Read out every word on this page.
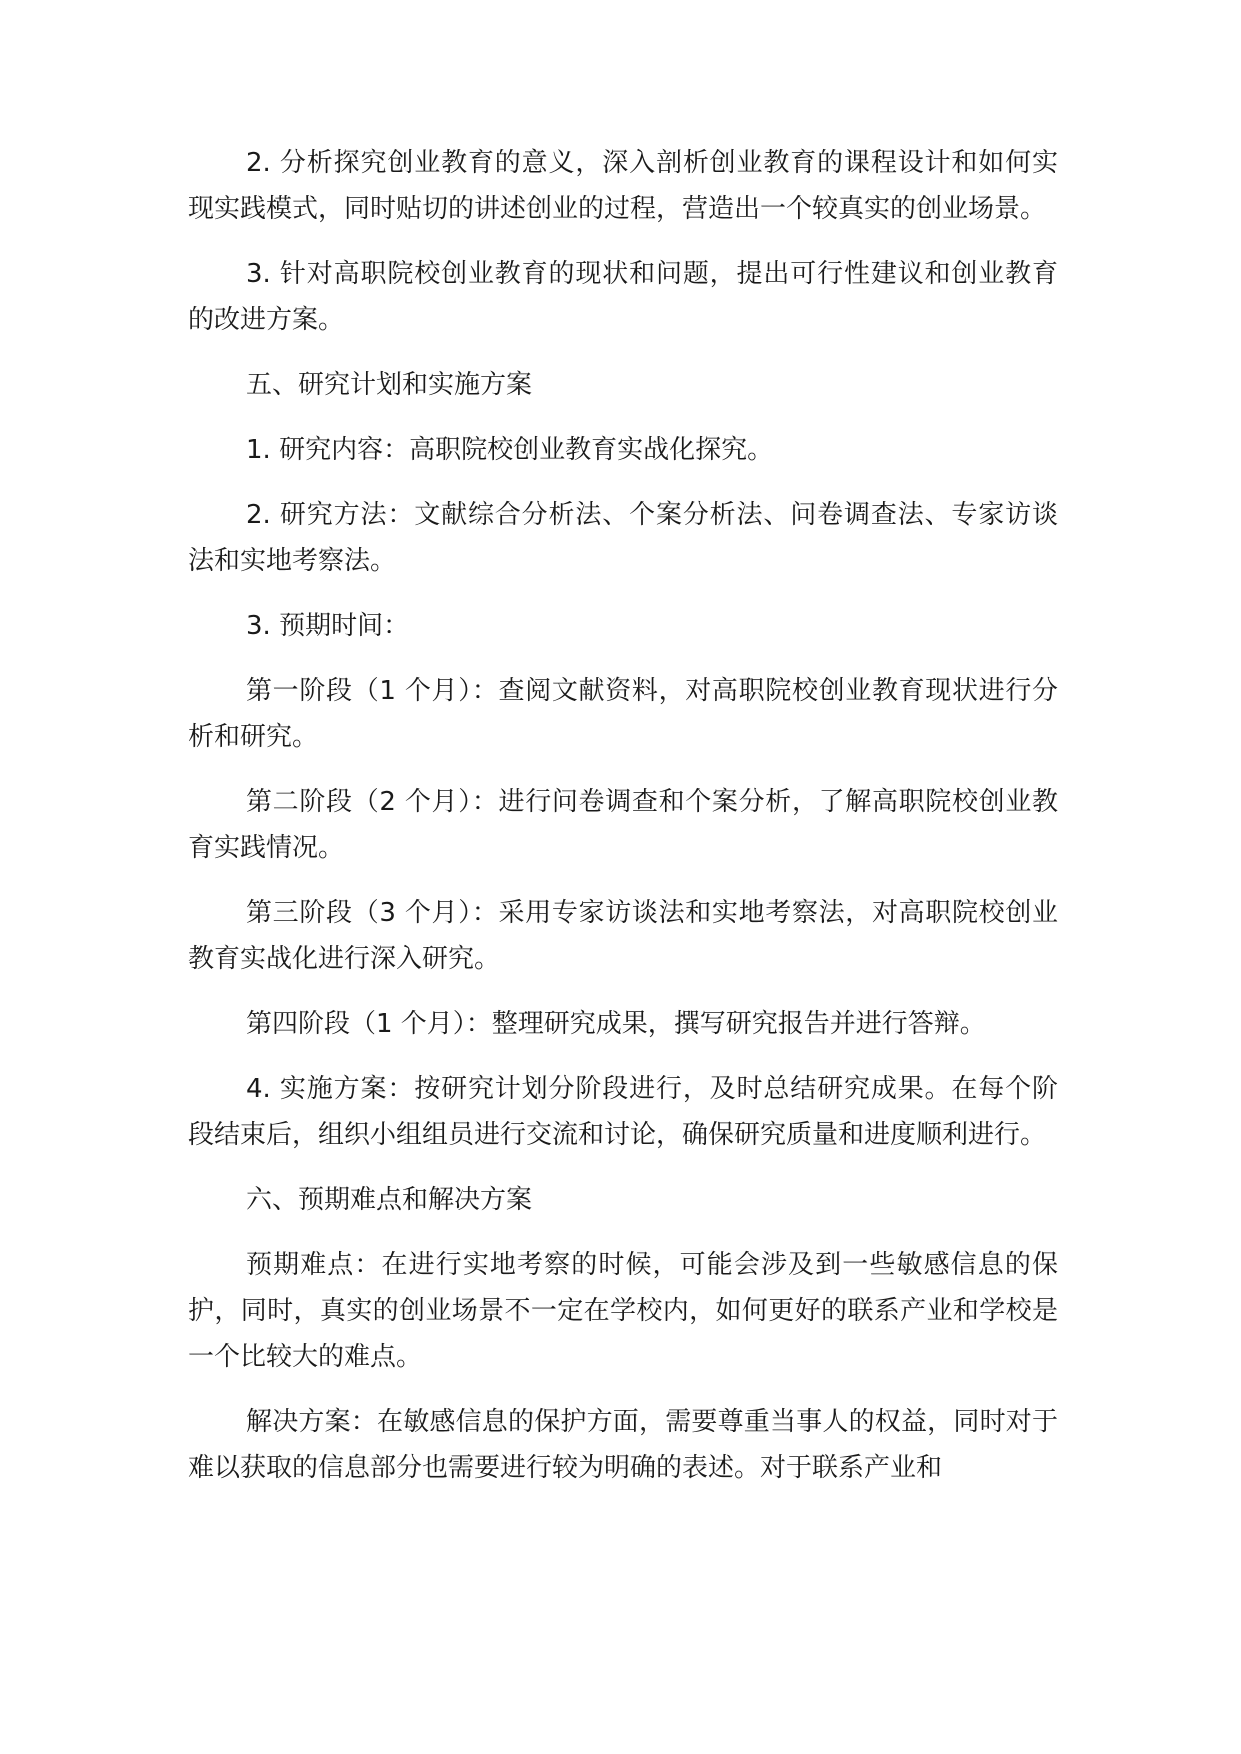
2. 分析探究创业教育的意义，深入剖析创业教育的课程设计和如何实现实践模式，同时贴切的讲述创业的过程，营造出一个较真实的创业场景。

3. 针对高职院校创业教育的现状和问题，提出可行性建议和创业教育的改进方案。

五、研究计划和实施方案

1. 研究内容：高职院校创业教育实战化探究。

2. 研究方法：文献综合分析法、个案分析法、问卷调查法、专家访谈法和实地考察法。

3. 预期时间：

第一阶段（1 个月）：查阅文献资料，对高职院校创业教育现状进行分析和研究。

第二阶段（2 个月）：进行问卷调查和个案分析，了解高职院校创业教育实践情况。

第三阶段（3 个月）：采用专家访谈法和实地考察法，对高职院校创业教育实战化进行深入研究。

第四阶段（1 个月）：整理研究成果，撰写研究报告并进行答辩。

4. 实施方案：按研究计划分阶段进行，及时总结研究成果。在每个阶段结束后，组织小组组员进行交流和讨论，确保研究质量和进度顺利进行。

六、预期难点和解决方案

预期难点：在进行实地考察的时候，可能会涉及到一些敏感信息的保护，同时，真实的创业场景不一定在学校内，如何更好的联系产业和学校是一个比较大的难点。

解决方案：在敏感信息的保护方面，需要尊重当事人的权益，同时对于难以获取的信息部分也需要进行较为明确的表述。对于联系产业和
